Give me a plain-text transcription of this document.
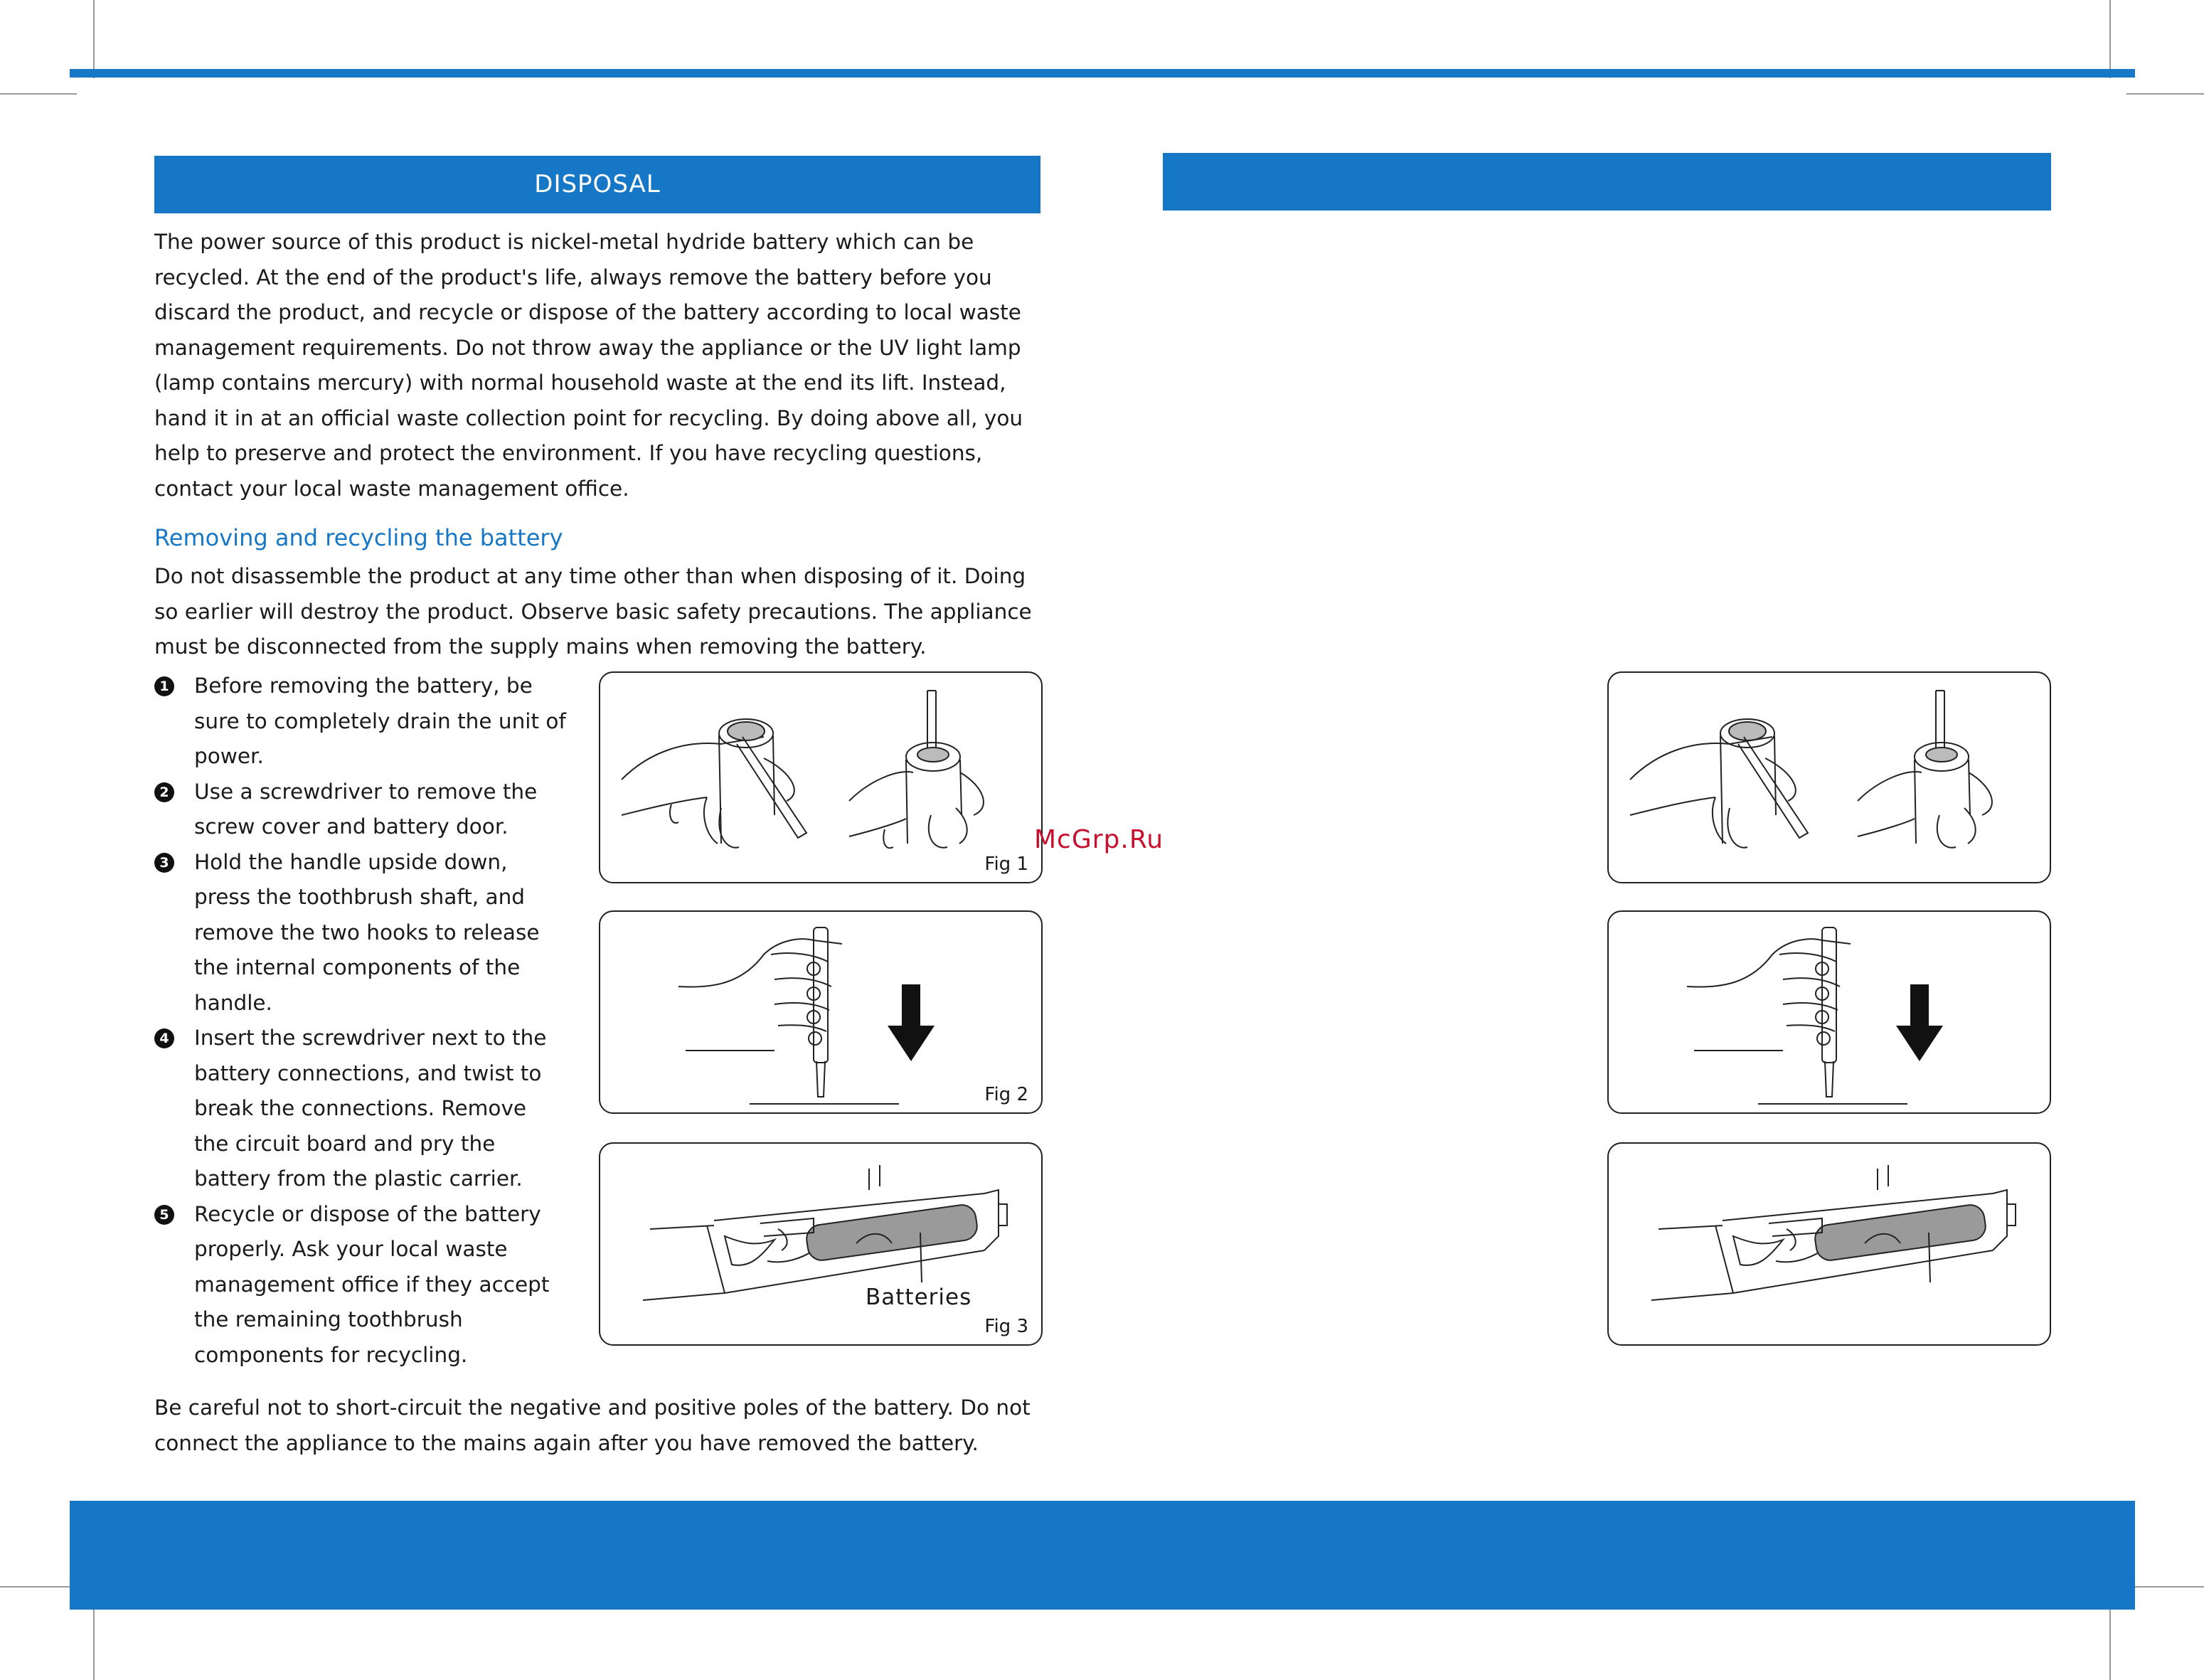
DISPOSAL

The power source of this product is nickel-metal hydride battery which can be recycled. At the end of the product's life, always remove the battery before you discard the product, and recycle or dispose of the battery according to local waste management requirements. Do not throw away the appliance or the UV light lamp (lamp contains mercury) with normal household waste at the end its lift. Instead, hand it in at an official waste collection point for recycling. By doing above all, you help to preserve and protect the environment. If you have recycling questions, contact your local waste management office.

Removing and recycling the battery

Do not disassemble the product at any time other than when disposing of it. Doing so earlier will destroy the product. Observe basic safety precautions. The appliance must be disconnected from the supply mains when removing the battery.

1 Before removing the battery, be sure to completely drain the unit of power.
2 Use a screwdriver to remove the screw cover and battery door.
3 Hold the handle upside down, press the toothbrush shaft, and remove the two hooks to release the internal components of the handle.
4 Insert the screwdriver next to the battery connections, and twist to break the connections. Remove the circuit board and pry the battery from the plastic carrier.
5 Recycle or dispose of the battery properly. Ask your local waste management office if they accept the remaining toothbrush components for recycling.

Be careful not to short-circuit the negative and positive poles of the battery. Do not connect the appliance to the mains again after you have removed the battery.

Fig 1
Fig 2
Batteries
Fig 3
McGrp.Ru
